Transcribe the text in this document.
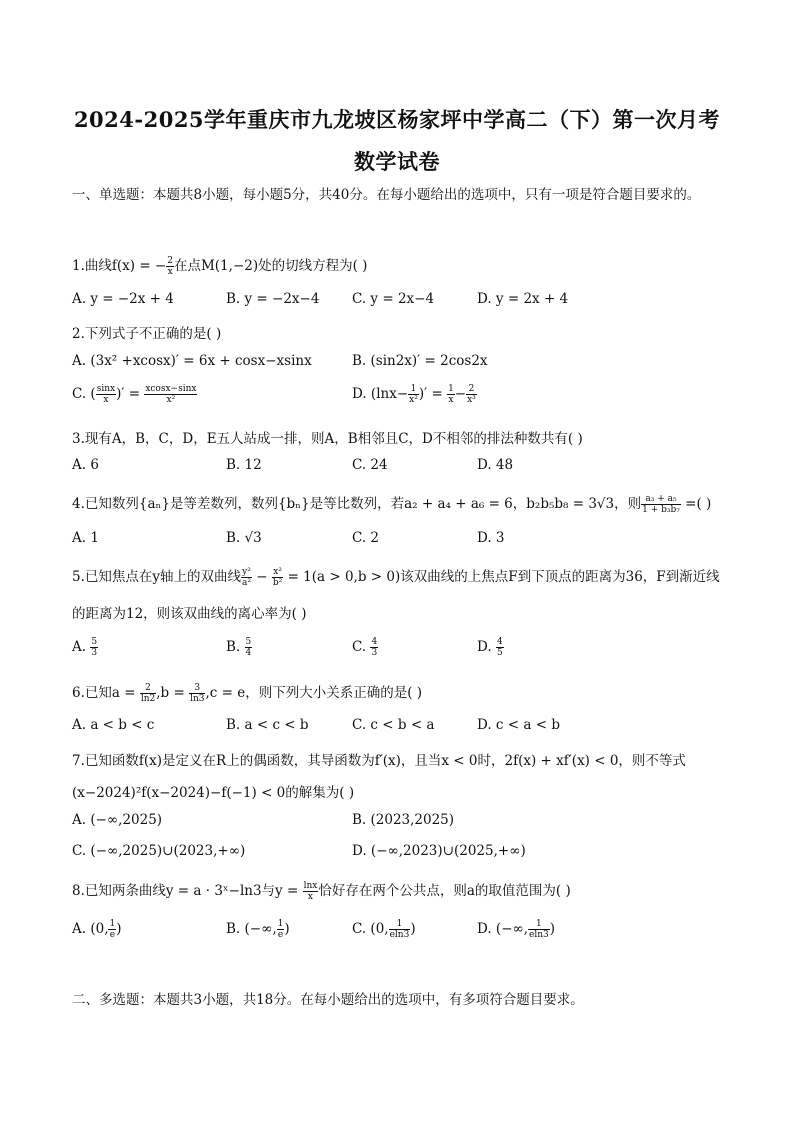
2024-2025学年重庆市九龙坡区杨家坪中学高二（下）第一次月考
数学试卷
一、单选题：本题共8小题，每小题5分，共40分。在每小题给出的选项中，只有一项是符合题目要求的。
1.曲线f(x) = − $\frac{2}{x}$ 在点M(1,−2)处的切线方程为( )
A. y = −2x + 4	B. y = −2x−4 C. y = 2x−4	D. y = 2x + 4
2.下列式子不正确的是( )
A. (3x² +xcosx)′ = 6x + cosx−xsinx	B. (sin2x)′ = 2cos2x
C. ( $\frac{\sin x}{x}$ )′ = $\frac{xcosx-\sin x}{\text{x²}}$	D. ($\ln x- \frac{1}{\text{x²}}$ )′ = $\frac{1}{x} - \frac{2}{\text{x³}}$
3.现有A，B，C，D，E五人站成一排，则A，B相邻且C，D不相邻的排法种数共有( )
A. 6	B. 12	C. 24	D. 48
4.已知数列{aₙ}是等差数列，数列{bₙ}是等比数列，若a₂ + a₄ + a₆ = 6，b₂b₅b₈ = 3√3，则 $\frac{\text{a₃ + a₅}}{\text{1 + b₃b₇}}$ =( )
A. 1	B. √3	C. 2	D. 3
5.已知焦点在y轴上的双曲线 $\frac{\text{y²}}{\text{a²}} - \frac{\text{x²}}{\text{b²}} = 1(a > 0,b > 0)$该双曲线的上焦点F到下顶点的距离为36，F到渐近线
的距离为12，则该双曲线的离心率为( )
A. $\frac{5}{3}$	B. $\frac{5}{4}$	C. $\frac{4}{3}$	D. $\frac{4}{5}$
6.已知$a = \frac{2}{\ln 2} ,b = \frac{3}{\ln 3} ,c = e$，则下列大小关系正确的是( )
A. a < b < c	B. a < c < b	C. c < b < a	D. c < a < b
7.已知函数f(x)是定义在R上的偶函数，其导函数为f′(x)，且当x < 0时，2f(x) + xf′(x) < 0，则不等式
(x−2024)²f(x−2024)−f(−1) < 0的解集为( )
A. (−∞,2025)	B. (2023,2025)
C. (−∞,2025)∪(2023,+∞)	D. (−∞,2023)∪(2025,+∞)
8.已知两条曲线y = a · 3ˣ−ln3与$y = \frac{\ln x}{x}$ 恰好存在两个公共点，则a的取值范围为( )
A. (0, $\frac{1}{e}$ )	B. (−∞, $\frac{1}{e}$ )	C. (0, $\frac{1}{eln3}$ )	D. (−∞, $\frac{1}{eln3}$ )
二、多选题：本题共3小题，共18分。在每小题给出的选项中，有多项符合题目要求。
